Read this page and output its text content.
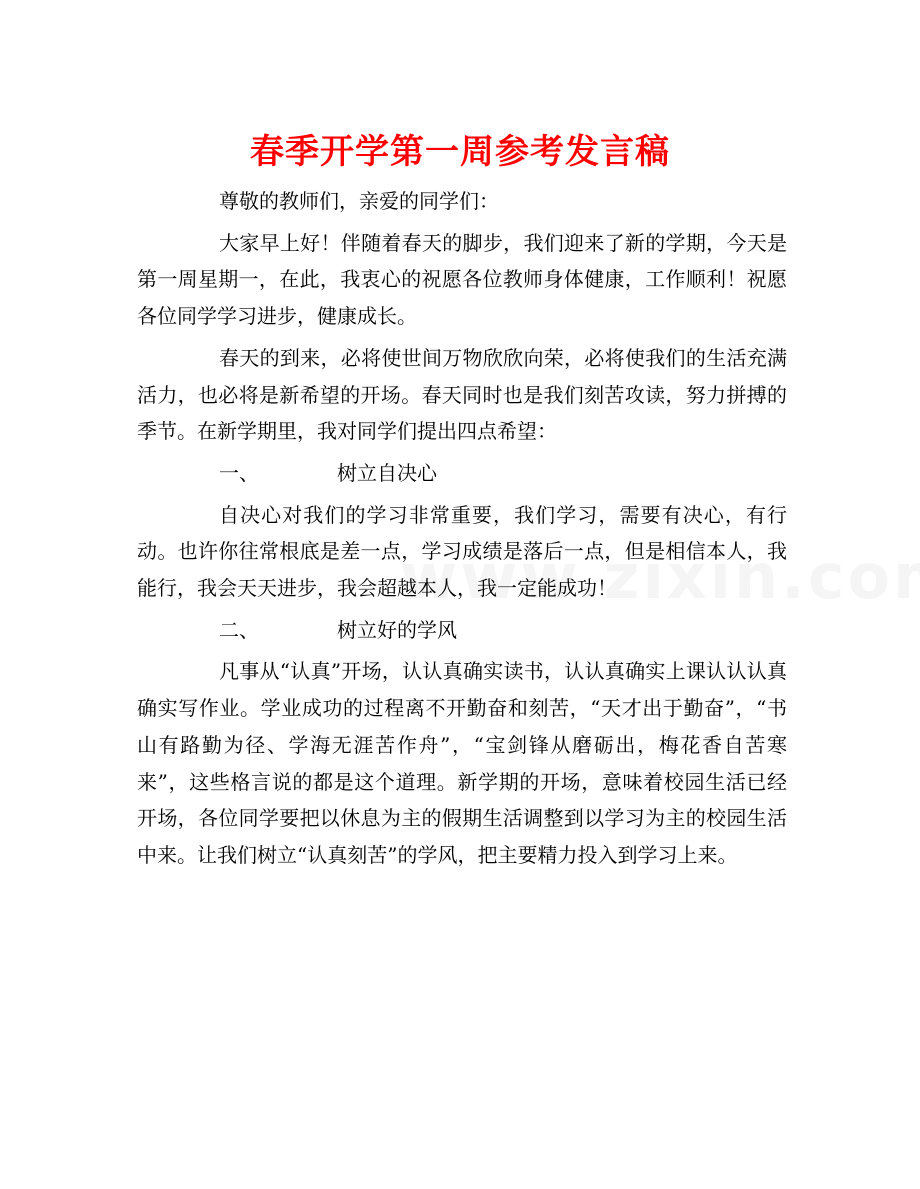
春季开学第一周参考发言稿

尊敬的教师们，亲爱的同学们：

大家早上好！伴随着春天的脚步，我们迎来了新的学期，今天是第一周星期一，在此，我衷心的祝愿各位教师身体健康，工作顺利！祝愿各位同学学习进步，健康成长。

春天的到来，必将使世间万物欣欣向荣，必将使我们的生活充满活力，也必将是新希望的开场。春天同时也是我们刻苦攻读，努力拼搏的季节。在新学期里，我对同学们提出四点希望：

一、	树立自决心

自决心对我们的学习非常重要，我们学习，需要有决心，有行动。也许你往常根底是差一点，学习成绩是落后一点，但是相信本人，我能行，我会天天进步，我会超越本人，我一定能成功！

二、	树立好的学风

凡事从“认真”开场，认认真确实读书，认认真确实上课认认认真确实写作业。学业成功的过程离不开勤奋和刻苦，“天才出于勤奋”，“书山有路勤为径、学海无涯苦作舟”，“宝剑锋从磨砺出，梅花香自苦寒来”，这些格言说的都是这个道理。新学期的开场，意味着校园生活已经开场，各位同学要把以休息为主的假期生活调整到以学习为主的校园生活中来。让我们树立“认真刻苦”的学风，把主要精力投入到学习上来。
